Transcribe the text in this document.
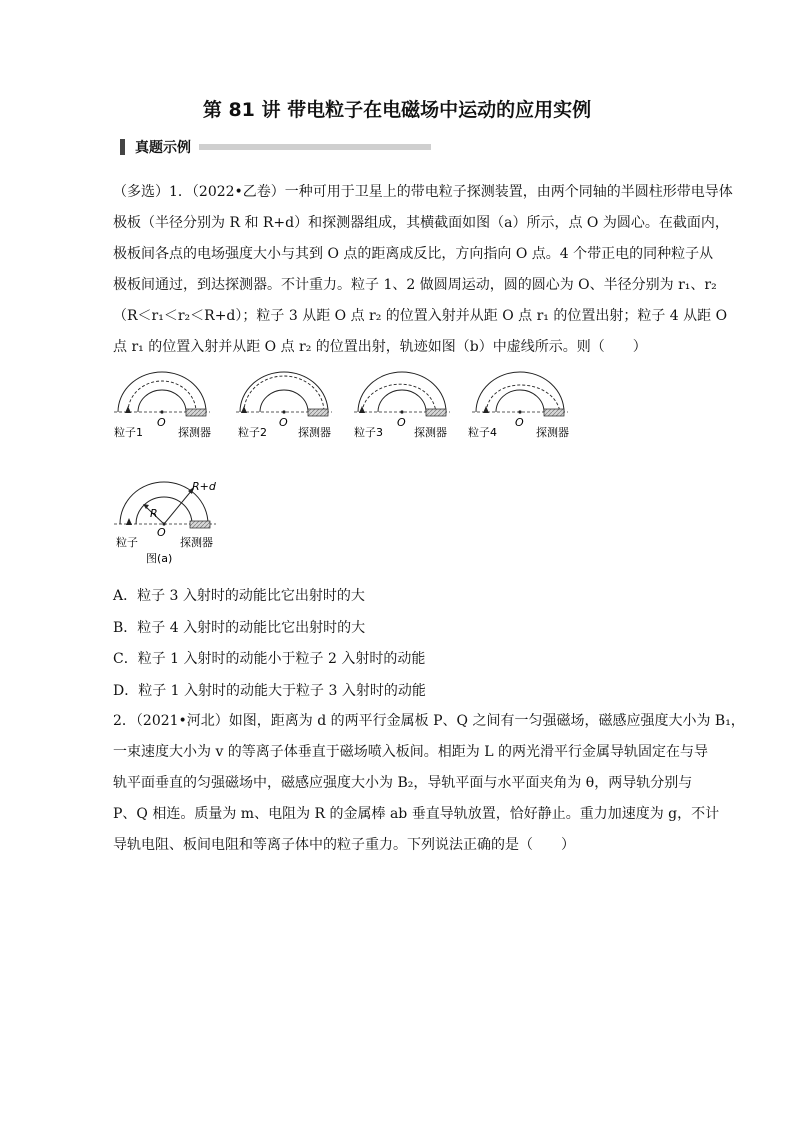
第 81 讲 带电粒子在电磁场中运动的应用实例
真题示例
（多选）1．（2022•乙卷）一种可用于卫星上的带电粒子探测装置，由两个同轴的半圆柱形带电导体
极板（半径分别为 R 和 R+d）和探测器组成，其横截面如图（a）所示，点 O 为圆心。在截面内，
极板间各点的电场强度大小与其到 O 点的距离成反比，方向指向 O 点。4 个带正电的同种粒子从
极板间通过，到达探测器。不计重力。粒子 1、2 做圆周运动，圆的圆心为 O、半径分别为 r₁、r₂
（R＜r₁＜r₂＜R+d）；粒子 3 从距 O 点 r₂ 的位置入射并从距 O 点 r₁ 的位置出射；粒子 4 从距 O
点 r₁ 的位置入射并从距 O 点 r₂ 的位置出射，轨迹如图（b）中虚线所示。则（　　）
O
粒子1	探测器
O
粒子2	探测器
O
粒子3	探测器
O
粒子4	探测器
R
R+d
O
粒子	探测器
图(a)
A．粒子 3 入射时的动能比它出射时的大
B．粒子 4 入射时的动能比它出射时的大
C．粒子 1 入射时的动能小于粒子 2 入射时的动能
D．粒子 1 入射时的动能大于粒子 3 入射时的动能
2．（2021•河北）如图，距离为 d 的两平行金属板 P、Q 之间有一匀强磁场，磁感应强度大小为 B₁，
一束速度大小为 v 的等离子体垂直于磁场喷入板间。相距为 L 的两光滑平行金属导轨固定在与导
轨平面垂直的匀强磁场中，磁感应强度大小为 B₂，导轨平面与水平面夹角为 θ，两导轨分别与
P、Q 相连。质量为 m、电阻为 R 的金属棒 ab 垂直导轨放置，恰好静止。重力加速度为 g，不计
导轨电阻、板间电阻和等离子体中的粒子重力。下列说法正确的是（　　）
